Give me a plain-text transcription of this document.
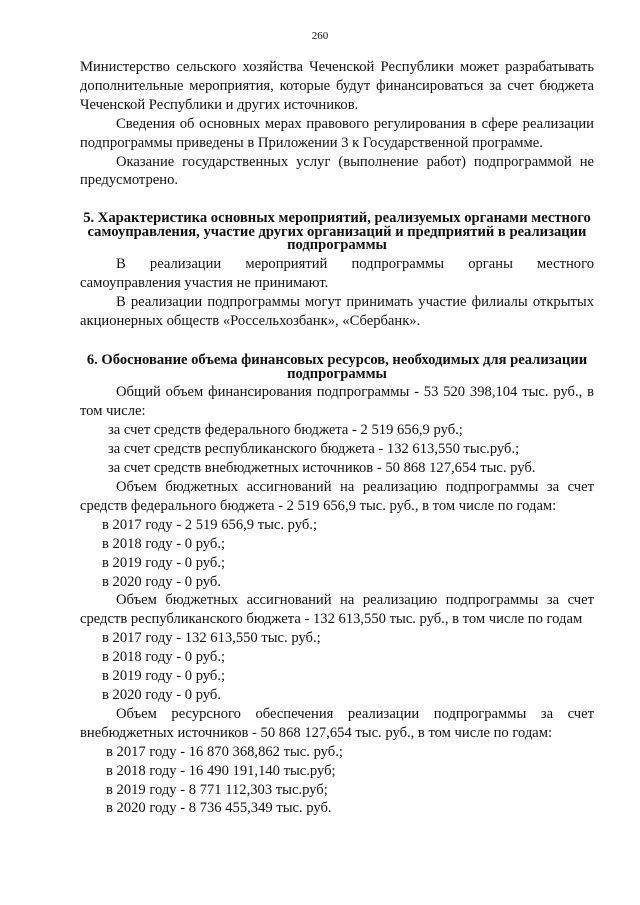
260

Министерство сельского хозяйства Чеченской Республики может разрабатывать дополнительные мероприятия, которые будут финансироваться за счет бюджета Чеченской Республики и других источников.

Сведения об основных мерах правового регулирования в сфере реализации подпрограммы приведены в Приложении 3 к Государственной программе.

Оказание государственных услуг (выполнение работ) подпрограммой не предусмотрено.

5. Характеристика основных мероприятий, реализуемых органами местного самоуправления, участие других организаций и предприятий в реализации подпрограммы

В реализации мероприятий подпрограммы органы местного самоуправления участия не принимают.

В реализации подпрограммы могут принимать участие филиалы открытых акционерных обществ «Россельхозбанк», «Сбербанк».

6. Обоснование объема финансовых ресурсов, необходимых для реализации подпрограммы

Общий объем финансирования подпрограммы - 53 520 398,104 тыс. руб., в том числе:

за счет средств федерального бюджета - 2 519 656,9 руб.;

за счет средств республиканского бюджета - 132 613,550 тыс.руб.;

за счет средств внебюджетных источников - 50 868 127,654 тыс. руб.

Объем бюджетных ассигнований на реализацию подпрограммы за счет средств федерального бюджета - 2 519 656,9 тыс. руб., в том числе по годам:

в 2017 году - 2 519 656,9 тыс. руб.;

в 2018 году - 0 руб.;

в 2019 году - 0 руб.;

в 2020 году - 0 руб.

Объем бюджетных ассигнований на реализацию подпрограммы за счет средств республиканского бюджета - 132 613,550 тыс. руб., в том числе по годам

в 2017 году - 132 613,550 тыс. руб.;

в 2018 году - 0 руб.;

в 2019 году - 0 руб.;

в 2020 году - 0 руб.

Объем ресурсного обеспечения реализации подпрограммы за счет внебюджетных источников - 50 868 127,654 тыс. руб., в том числе по годам:

в 2017 году - 16 870 368,862 тыс. руб.;

в 2018 году - 16 490 191,140 тыс.руб;

в 2019 году - 8 771 112,303 тыс.руб;

в 2020 году - 8 736 455,349 тыс. руб.
